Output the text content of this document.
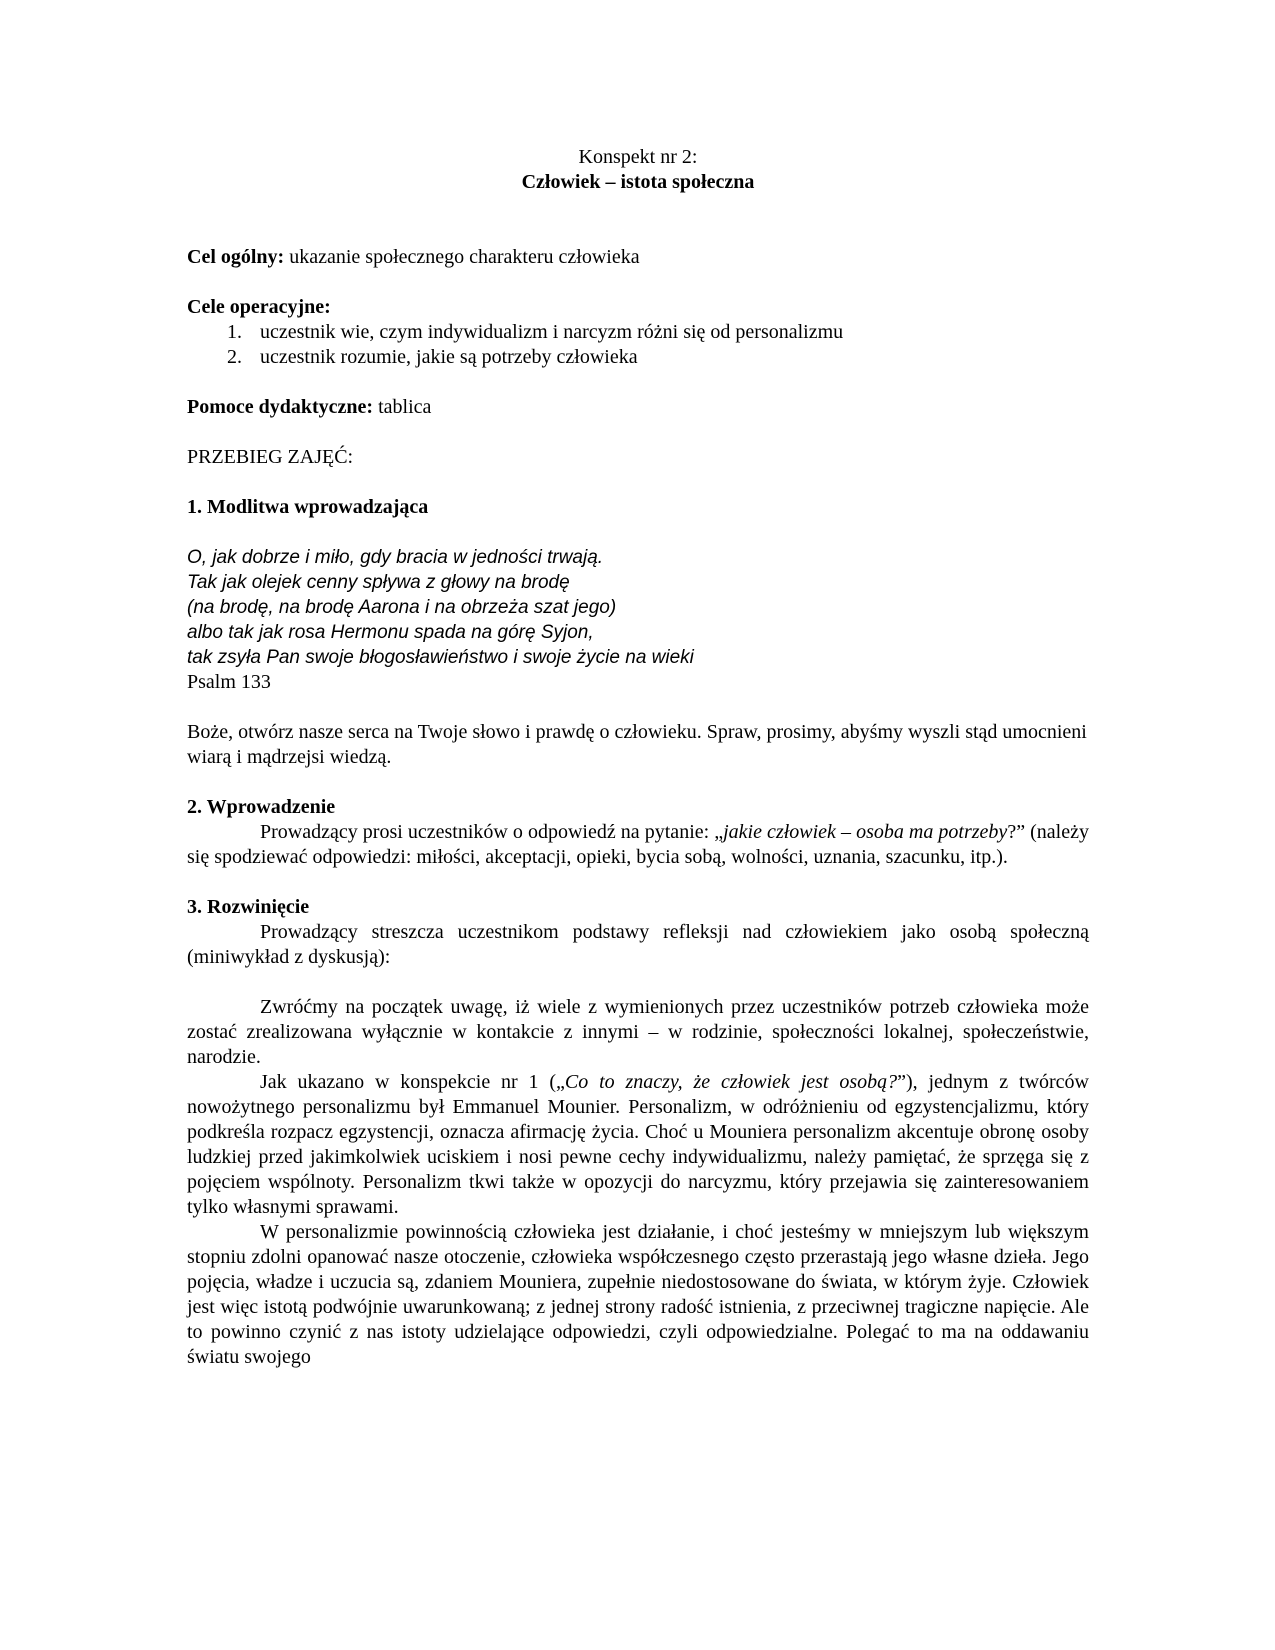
Konspekt nr 2:

Człowiek – istota społeczna

Cel ogólny: ukazanie społecznego charakteru człowieka

Cele operacyjne:

1. uczestnik wie, czym indywidualizm i narcyzm różni się od personalizmu
2. uczestnik rozumie, jakie są potrzeby człowieka

Pomoce dydaktyczne: tablica

PRZEBIEG ZAJĘĆ:

1. Modlitwa wprowadzająca

O, jak dobrze i miło, gdy bracia w jedności trwają.

Tak jak olejek cenny spływa z głowy na brodę

(na brodę, na brodę Aarona i na obrzeża szat jego)

albo tak jak rosa Hermonu spada na górę Syjon,

tak zsyła Pan swoje błogosławieństwo i swoje życie na wieki

Psalm 133

Boże, otwórz nasze serca na Twoje słowo i prawdę o człowieku. Spraw, prosimy, abyśmy wyszli stąd umocnieni wiarą i mądrzejsi wiedzą.

2. Wprowadzenie

Prowadzący prosi uczestników o odpowiedź na pytanie: „jakie człowiek – osoba ma potrzeby?” (należy się spodziewać odpowiedzi: miłości, akceptacji, opieki, bycia sobą, wolności, uznania, szacunku, itp.).

3. Rozwinięcie

Prowadzący streszcza uczestnikom podstawy refleksji nad człowiekiem jako osobą społeczną (miniwykład z dyskusją):

Zwróćmy na początek uwagę, iż wiele z wymienionych przez uczestników potrzeb człowieka może zostać zrealizowana wyłącznie w kontakcie z innymi – w rodzinie, społeczności lokalnej, społeczeństwie, narodzie.

Jak ukazano w konspekcie nr 1 („Co to znaczy, że człowiek jest osobą?”), jednym z twórców nowożytnego personalizmu był Emmanuel Mounier. Personalizm, w odróżnieniu od egzystencjalizmu, który podkreśla rozpacz egzystencji, oznacza afirmację życia. Choć u Mouniera personalizm akcentuje obronę osoby ludzkiej przed jakimkolwiek uciskiem i nosi pewne cechy indywidualizmu, należy pamiętać, że sprzęga się z pojęciem wspólnoty. Personalizm tkwi także w opozycji do narcyzmu, który przejawia się zainteresowaniem tylko własnymi sprawami.

W personalizmie powinnością człowieka jest działanie, i choć jesteśmy w mniejszym lub większym stopniu zdolni opanować nasze otoczenie, człowieka współczesnego często przerastają jego własne dzieła. Jego pojęcia, władze i uczucia są, zdaniem Mouniera, zupełnie niedostosowane do świata, w którym żyje. Człowiek jest więc istotą podwójnie uwarunkowaną; z jednej strony radość istnienia, z przeciwnej tragiczne napięcie. Ale to powinno czynić z nas istoty udzielające odpowiedzi, czyli odpowiedzialne. Polegać to ma na oddawaniu światu swojego
